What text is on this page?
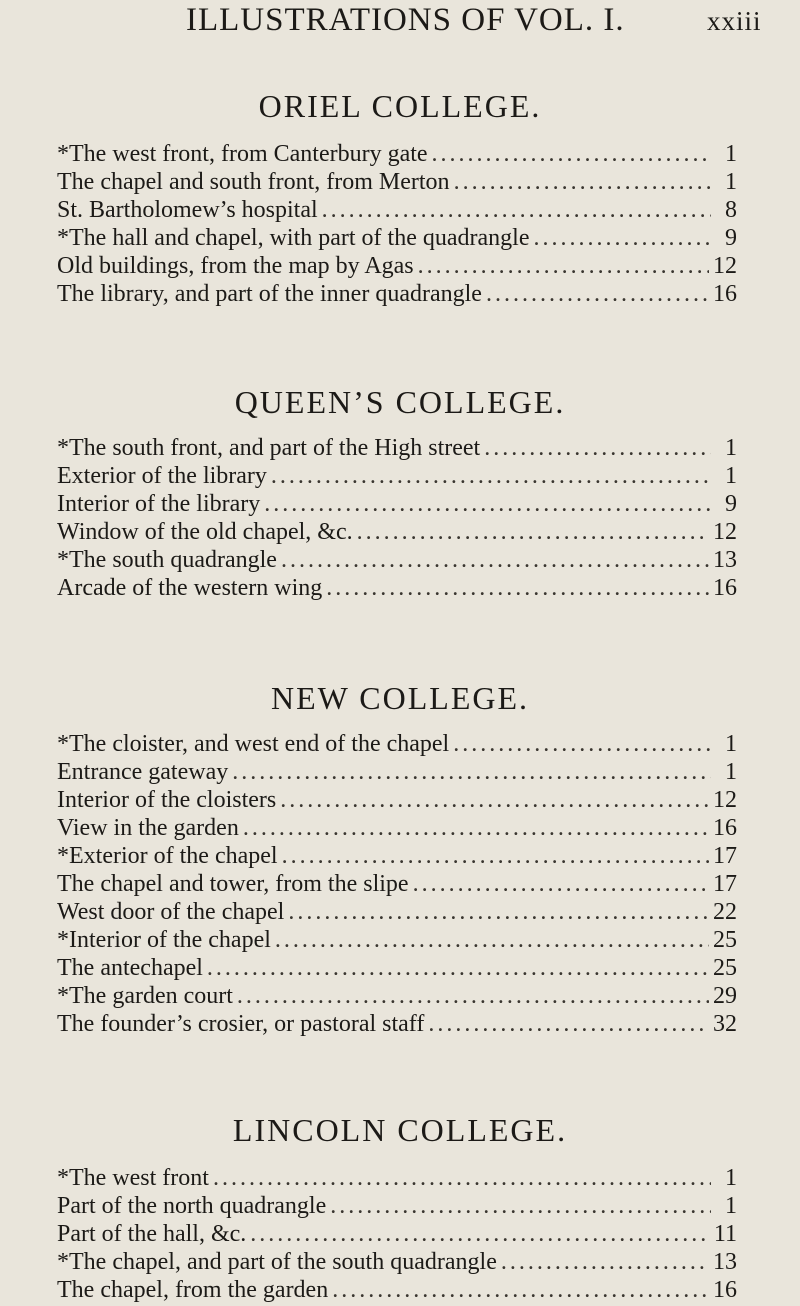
ILLUSTRATIONS OF VOL. I.	xxiii
ORIEL COLLEGE.
*The west front, from Canterbury gate .....	1
The chapel and south front, from Merton .....	1
St. Bartholomew’s hospital .....	8
*The hall and chapel, with part of the quadrangle .....	9
Old buildings, from the map by Agas .....	12
The library, and part of the inner quadrangle .....	16
QUEEN’S COLLEGE.
*The south front, and part of the High street .....	1
Exterior of the library .....	1
Interior of the library .....	9
Window of the old chapel, &c. .....	12
*The south quadrangle .....	13
Arcade of the western wing .....	16
NEW COLLEGE.
*The cloister, and west end of the chapel .....	1
Entrance gateway .....	1
Interior of the cloisters .....	12
View in the garden .....	16
*Exterior of the chapel .....	17
The chapel and tower, from the slipe .....	17
West door of the chapel .....	22
*Interior of the chapel .....	25
The antechapel .....	25
*The garden court .....	29
The founder’s crosier, or pastoral staff .....	32
LINCOLN COLLEGE.
*The west front .....	1
Part of the north quadrangle .....	1
Part of the hall, &c. .....	11
*The chapel, and part of the south quadrangle .....	13
The chapel, from the garden .....	16
